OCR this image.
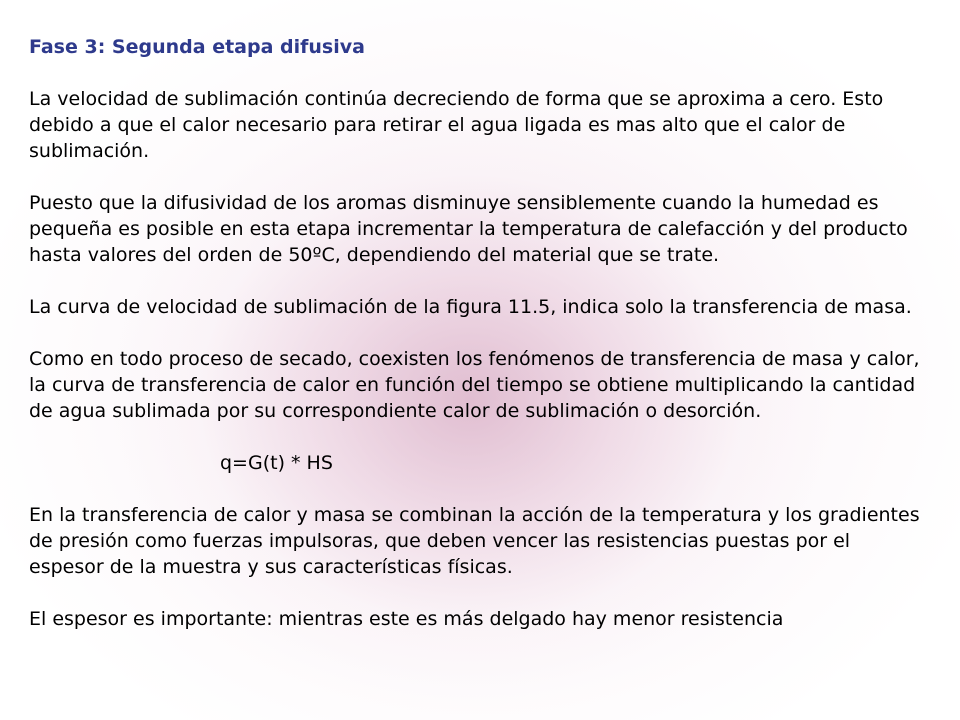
Fase 3: Segunda etapa difusiva
La velocidad de sublimación continúa decreciendo de forma que se aproxima a cero. Esto debido a que el calor necesario para retirar el agua ligada es mas alto que el calor de sublimación.
Puesto que la difusividad de los aromas disminuye sensiblemente cuando la humedad es pequeña es posible en esta etapa incrementar la temperatura de calefacción y del producto hasta valores del orden de 50ºC, dependiendo del material que se trate.
La curva de velocidad de sublimación de la figura 11.5, indica solo la transferencia de masa.
Como en todo proceso de secado, coexisten los fenómenos de transferencia de masa y calor, la curva de transferencia de calor en función del tiempo se obtiene multiplicando la cantidad de agua sublimada por su correspondiente calor de sublimación o desorción.
q=G(t) * HS
En la transferencia de calor y masa se combinan la acción de la temperatura y los gradientes de presión como fuerzas impulsoras, que deben vencer las resistencias puestas por el espesor de la muestra y sus características físicas.
El espesor es importante: mientras este es más delgado hay menor resistencia
